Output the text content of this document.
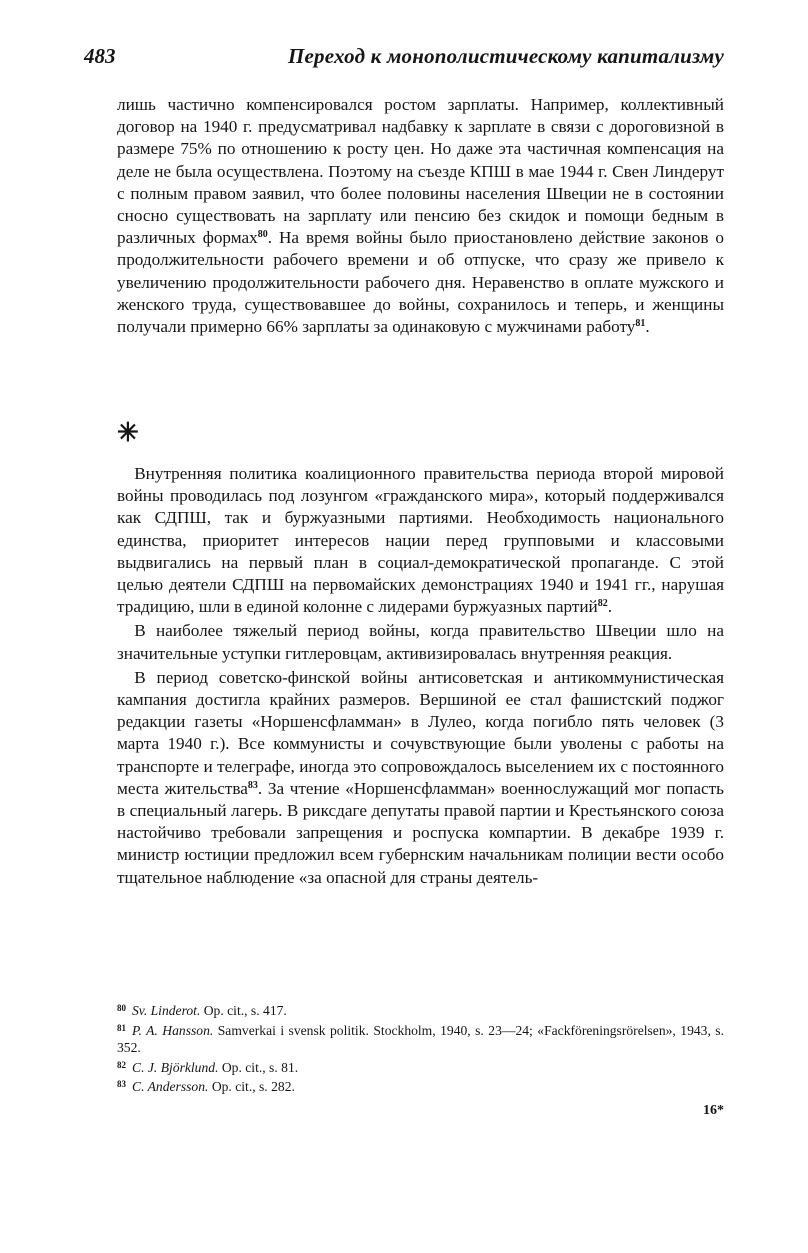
483	Переход к монополистическому капитализму

лишь частично компенсировался ростом зарплаты. Например, коллективный договор на 1940 г. предусматривал надбавку к зарплате в связи с дороговизной в размере 75% по отношению к росту цен. Но даже эта частичная компенсация на деле не была осуществлена. Поэтому на съезде КПШ в мае 1944 г. Свен Линдерут с полным правом заявил, что более половины населения Швеции не в состоянии сносно существовать на зарплату или пенсию без скидок и помощи бедным в различных формах$^{80}$. На время войны было приостановлено действие законов о продолжительности рабочего времени и об отпуске, что сразу же привело к увеличению продолжительности рабочего дня. Неравенство в оплате мужского и женского труда, существовавшее до войны, сохранилось и теперь, и женщины получали примерно 66% зарплаты за одинаковую с мужчинами работу$^{81}$.

✳

 Внутренняя политика коалиционного правительства периода второй мировой войны проводилась под лозунгом «гражданского мира», который поддерживался как СДПШ, так и буржуазными партиями. Необходимость национального единства, приоритет интересов нации перед групповыми и классовыми выдвигались на первый план в социал-демократической пропаганде. С этой целью деятели СДПШ на первомайских демонстрациях 1940 и 1941 гг., нарушая традицию, шли в единой колонне с лидерами буржуазных партий$^{82}$.

 В наиболее тяжелый период войны, когда правительство Швеции шло на значительные уступки гитлеровцам, активизировалась внутренняя реакция.

 В период советско-финской войны антисоветская и антикоммунистическая кампания достигла крайних размеров. Вершиной ее стал фашистский поджог редакции газеты «Норшенсфламман» в Лулео, когда погибло пять человек (3 марта 1940 г.). Все коммунисты и сочувствующие были уволены с работы на транспорте и телеграфе, иногда это сопровождалось выселением их с постоянного места жительства$^{83}$. За чтение «Норшенсфламман» военнослужащий мог попасть в специальный лагерь. В риксдаге депутаты правой партии и Крестьянского союза настойчиво требовали запрещения и роспуска компартии. В декабре 1939 г. министр юстиции предложил всем губернским начальникам полиции вести особо тщательное наблюдение «за опасной для страны деятель-

$^{80}$ Sv. Linderot. Op. cit., s. 417.
$^{81}$ P. A. Hansson. Samverkai i svensk politik. Stockholm, 1940, s. 23—24; «Fackföreningsrörelsen», 1943, s. 352.
$^{82}$ C. J. Björklund. Op. cit., s. 81.
$^{83}$ C. Andersson. Op. cit., s. 282.
16*
